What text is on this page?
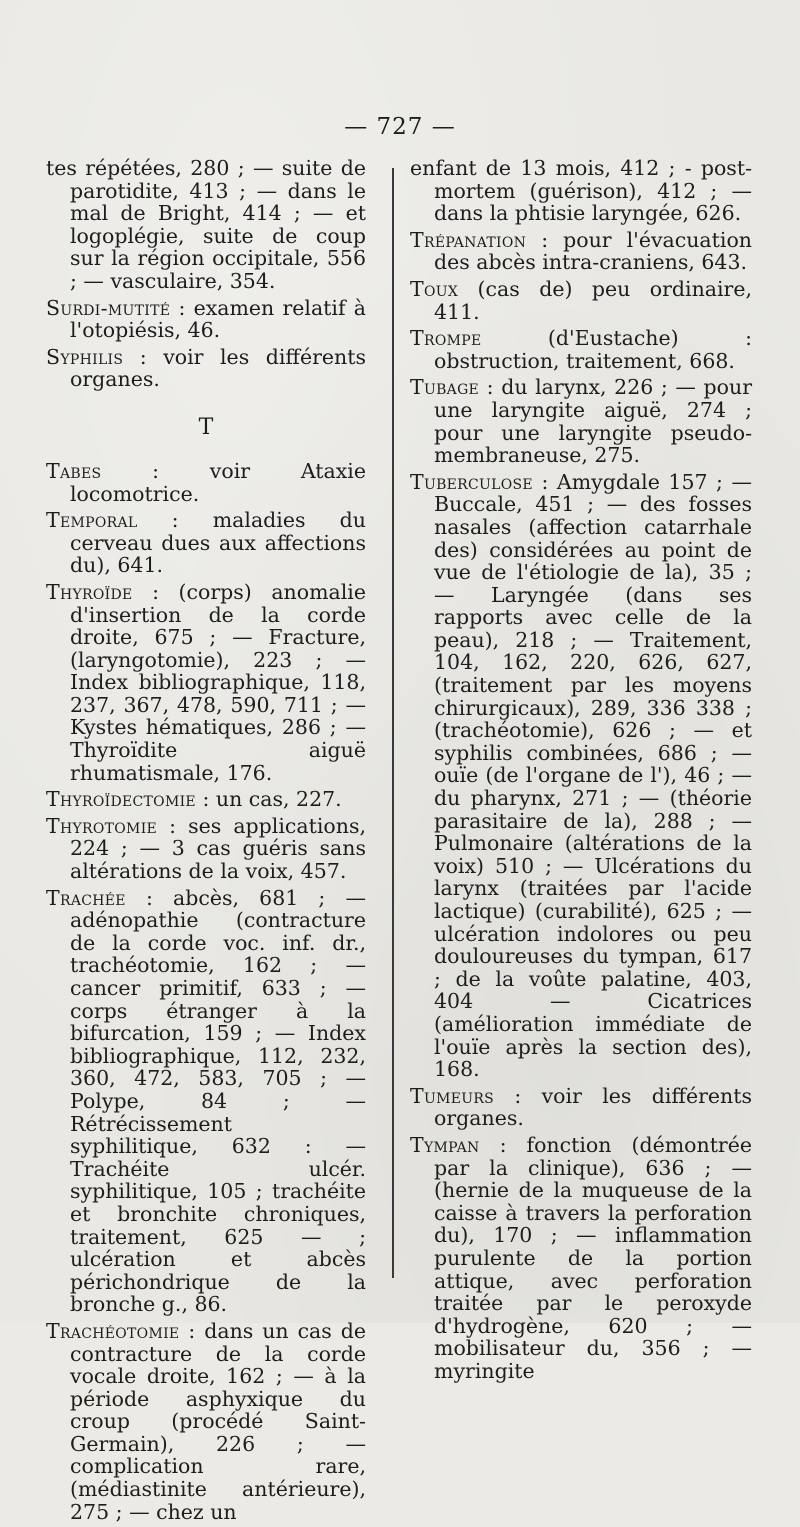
— 727 —

tes répétées, 280 ; — suite de parotidite, 413 ; — dans le mal de Bright, 414 ; — et logoplégie, suite de coup sur la région occipitale, 556 ; — vasculaire, 354.

Surdi-mutité : examen relatif à l'otopiésis, 46.

Syphilis : voir les différents organes.

T

Tabes : voir Ataxie locomotrice.

Temporal : maladies du cerveau dues aux affections du), 641.

Thyroïde : (corps) anomalie d'insertion de la corde droite, 675 ; — Fracture, (laryngotomie), 223 ; — Index bibliographique, 118, 237, 367, 478, 590, 711 ; — Kystes hématiques, 286 ; — Thyroïdite aiguë rhumatismale, 176.

Thyroïdectomie : un cas, 227.

Thyrotomie : ses applications, 224 ; — 3 cas guéris sans altérations de la voix, 457.

Trachée : abcès, 681 ; — adénopathie (contracture de la corde voc. inf. dr., trachéotomie, 162 ; — cancer primitif, 633 ; — corps étranger à la bifurcation, 159 ; — Index bibliographique, 112, 232, 360, 472, 583, 705 ; — Polype, 84 ; — Rétrécissement syphilitique, 632 : — Trachéite ulcér. syphilitique, 105 ; trachéite et bronchite chroniques, traitement, 625 — ; ulcération et abcès périchondrique de la bronche g., 86.

Trachéotomie : dans un cas de contracture de la corde vocale droite, 162 ; — à la période asphyxique du croup (procédé Saint-Germain), 226 ; — complication rare, (médiastinite antérieure), 275 ; — chez un

enfant de 13 mois, 412 ; - post-mortem (guérison), 412 ; — dans la phtisie laryngée, 626.

Trépanation : pour l'évacuation des abcès intra-craniens, 643.

Toux (cas de) peu ordinaire, 411.

Trompe (d'Eustache) : obstruction, traitement, 668.

Tubage : du larynx, 226 ; — pour une laryngite aiguë, 274 ; pour une laryngite pseudo-membraneuse, 275.

Tuberculose : Amygdale 157 ; — Buccale, 451 ; — des fosses nasales (affection catarrhale des) considérées au point de vue de l'étiologie de la), 35 ; — Laryngée (dans ses rapports avec celle de la peau), 218 ; — Traitement, 104, 162, 220, 626, 627, (traitement par les moyens chirurgicaux), 289, 336 338 ; (trachéotomie), 626 ; — et syphilis combinées, 686 ; — ouïe (de l'organe de l'), 46 ; — du pharynx, 271 ; — (théorie parasitaire de la), 288 ; — Pulmonaire (altérations de la voix) 510 ; — Ulcérations du larynx (traitées par l'acide lactique) (curabilité), 625 ; — ulcération indolores ou peu douloureuses du tympan, 617 ; de la voûte palatine, 403, 404 — Cicatrices (amélioration immédiate de l'ouïe après la section des), 168.

Tumeurs : voir les différents organes.

Tympan : fonction (démontrée par la clinique), 636 ; — (hernie de la muqueuse de la caisse à travers la perforation du), 170 ; — inflammation purulente de la portion attique, avec perforation traitée par le peroxyde d'hydrogène, 620 ; — mobilisateur du, 356 ; — myringite
